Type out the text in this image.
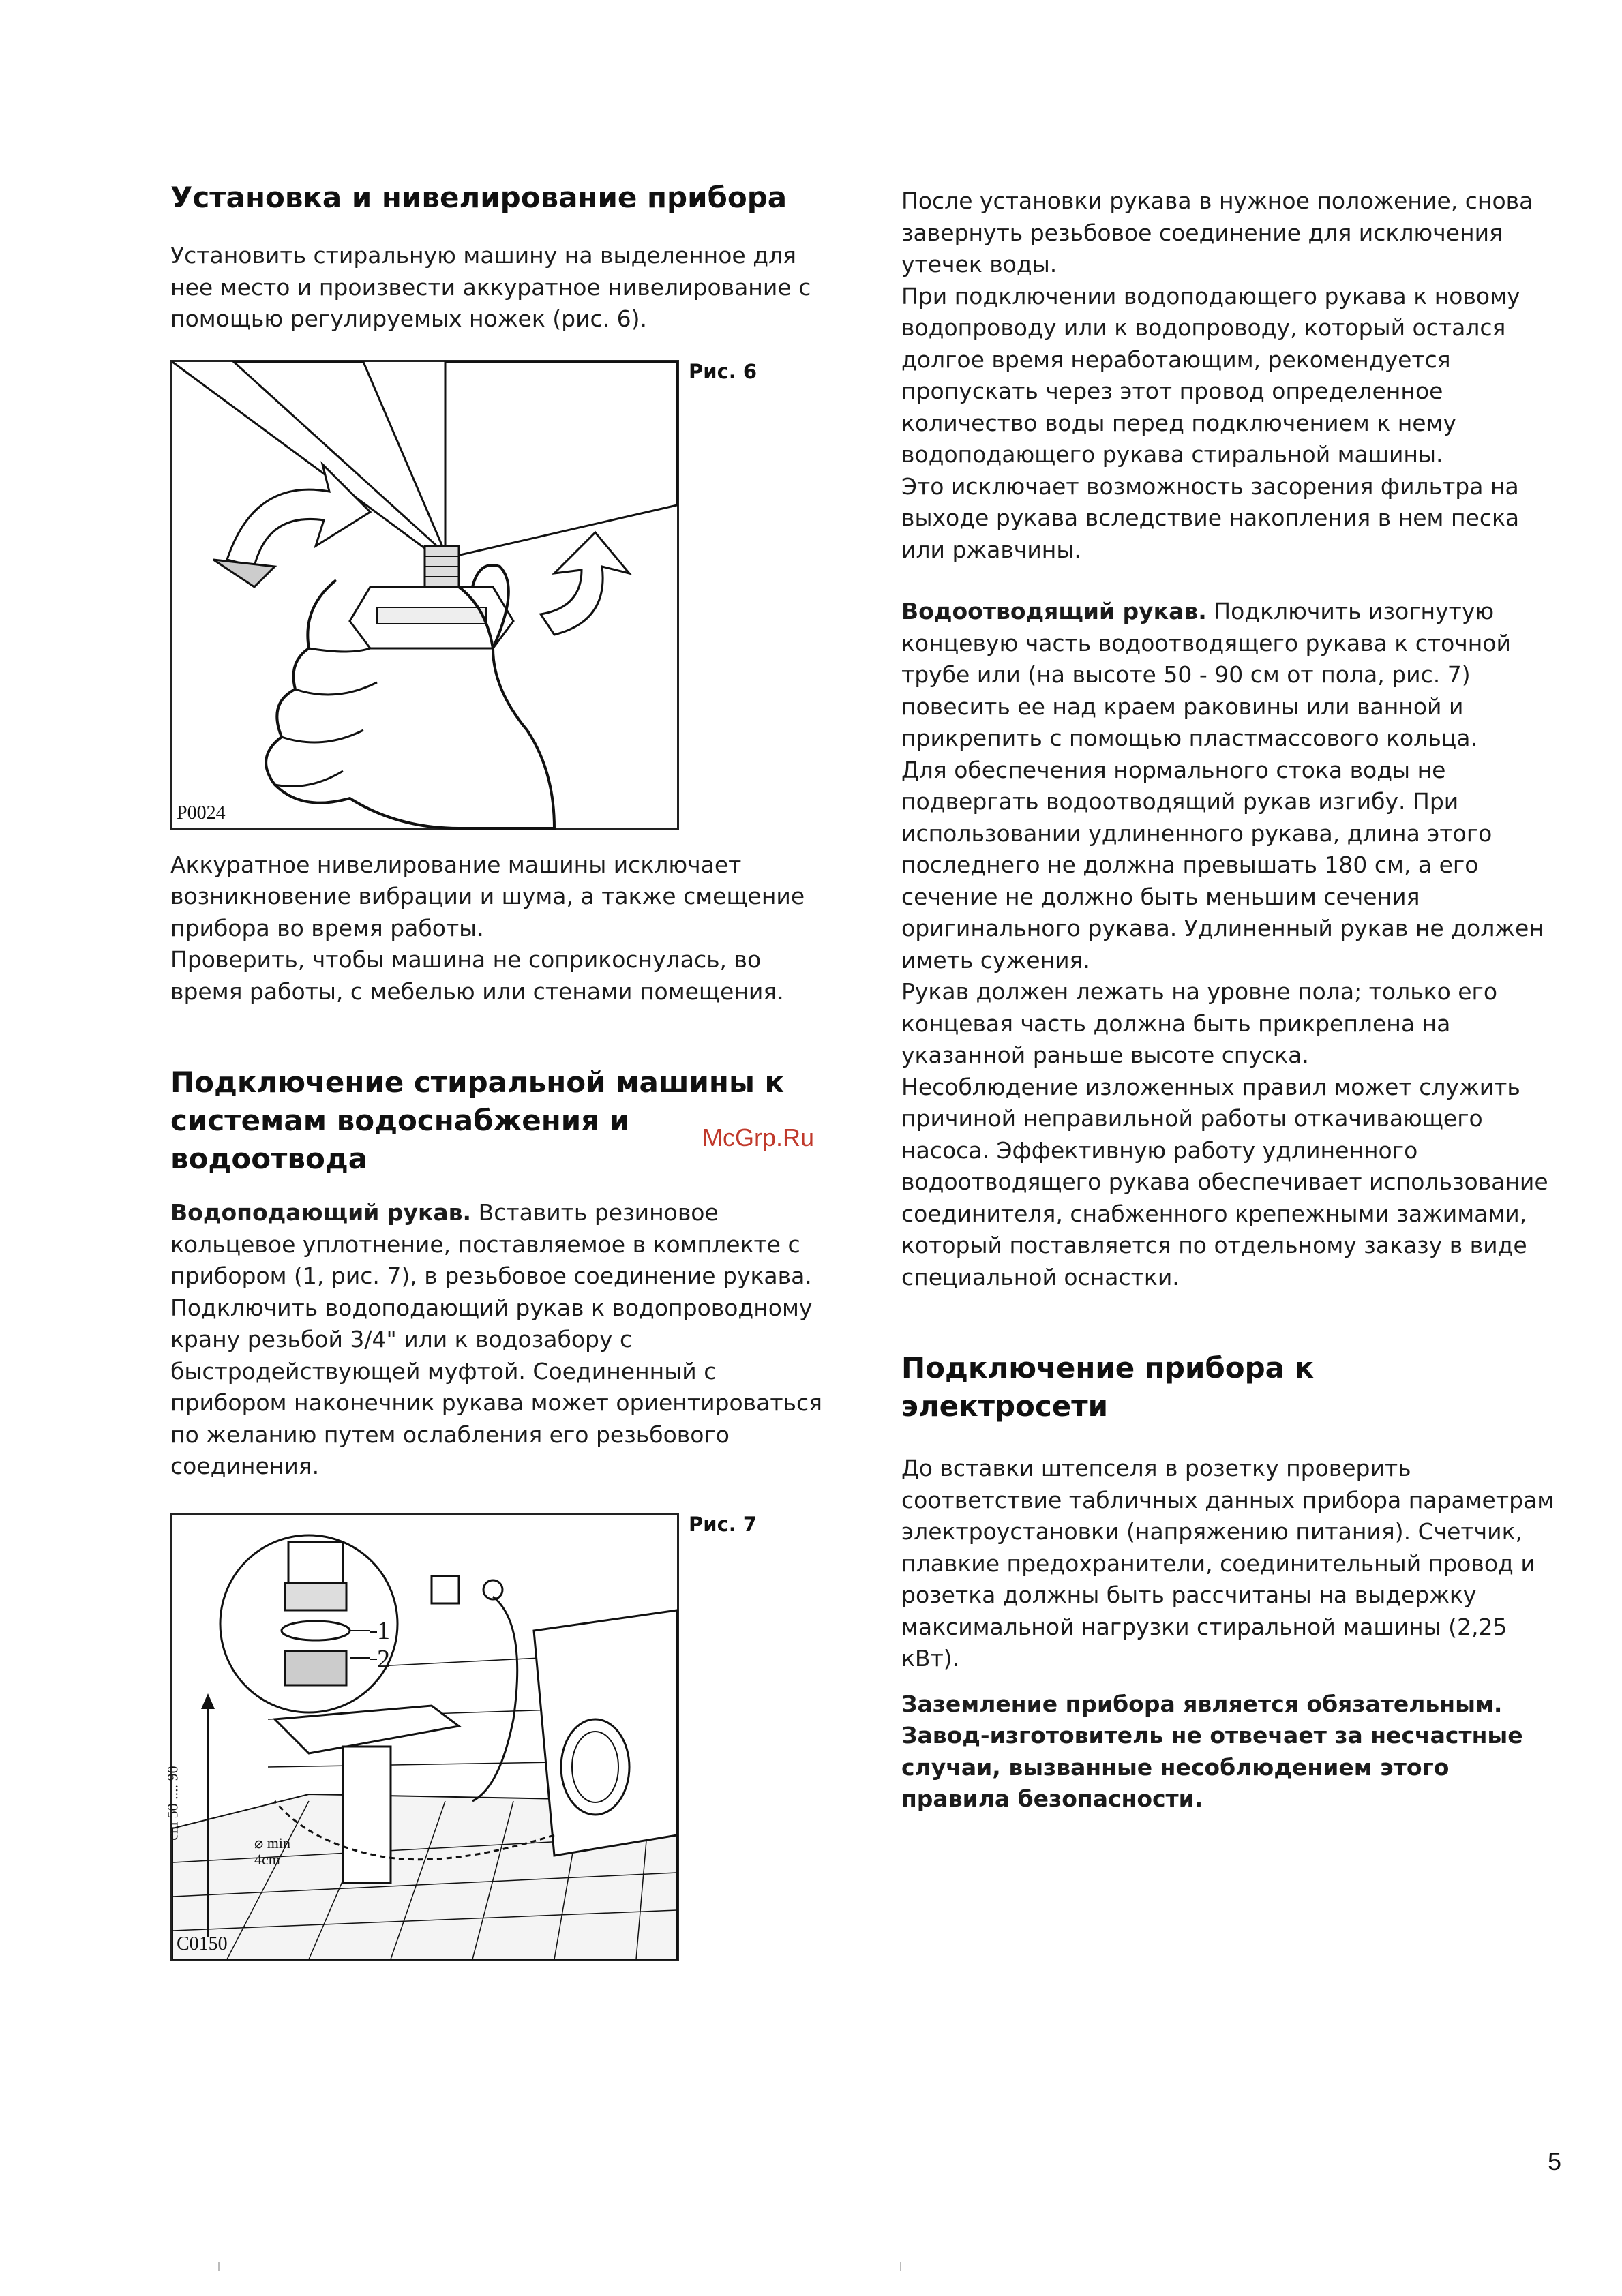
Установка и нивелирование прибора

Установить стиральную машину на выделенное для нее место и произвести аккуратное нивелирование с помощью регулируемых ножек (рис. 6).

P0024
Рис. 6

Аккуратное нивелирование машины исключает возникновение вибрации и шума, а также смещение прибора во время работы.

Проверить, чтобы машина не соприкоснулась, во время работы, с мебелью или стенами помещения.

Подключение стиральной машины к системам водоснабжения и водоотвода

Водоподающий рукав. Вставить резиновое кольцевое уплотнение, поставляемое в комплекте с прибором (1, рис. 7), в резьбовое соединение рукава. Подключить водоподающий рукав к водопроводному крану резьбой 3/4" или к водозабору с быстродействующей муфтой. Соединенный с прибором наконечник рукава может ориентироваться по желанию путем ослабления его резьбового соединения.

1
2
cm 50 .... 90
⌀ min 4cm
C0150
Рис. 7

После установки рукава в нужное положение, снова завернуть резьбовое соединение для исключения утечек воды.

При подключении водоподающего рукава к новому водопроводу или к водопроводу, который остался долгое время неработающим, рекомендуется пропускать через этот провод определенное количество воды перед подключением к нему водоподающего рукава стиральной машины.

Это исключает возможность засорения фильтра на выходе рукава вследствие накопления в нем песка или ржавчины.

Водоотводящий рукав. Подключить изогнутую концевую часть водоотводящего рукава к сточной трубе или (на высоте 50 - 90 см от пола, рис. 7) повесить ее над краем раковины или ванной и прикрепить с помощью пластмассового кольца.

Для обеспечения нормального стока воды не подвергать водоотводящий рукав изгибу. При использовании удлиненного рукава, длина этого последнего не должна превышать 180 см, а его сечение не должно быть меньшим сечения оригинального рукава. Удлиненный рукав не должен иметь сужения.

Рукав должен лежать на уровне пола; только его концевая часть должна быть прикреплена на указанной раньше высоте спуска.

Несоблюдение изложенных правил может служить причиной неправильной работы откачивающего насоса. Эффективную работу удлиненного водоотводящего рукава обеспечивает использование соединителя, снабженного крепежными зажимами, который поставляется по отдельному заказу в виде специальной оснастки.

Подключение прибора к электросети

До вставки штепселя в розетку проверить соответствие табличных данных прибора параметрам электроустановки (напряжению питания). Счетчик, плавкие предохранители, соединительный провод и розетка должны быть рассчитаны на выдержку максимальной нагрузки стиральной машины (2,25 кВт).

Заземление прибора является обязательным. Завод-изготовитель не отвечает за несчастные случаи, вызванные несоблюдением этого правила безопасности.

McGrp.Ru
5
